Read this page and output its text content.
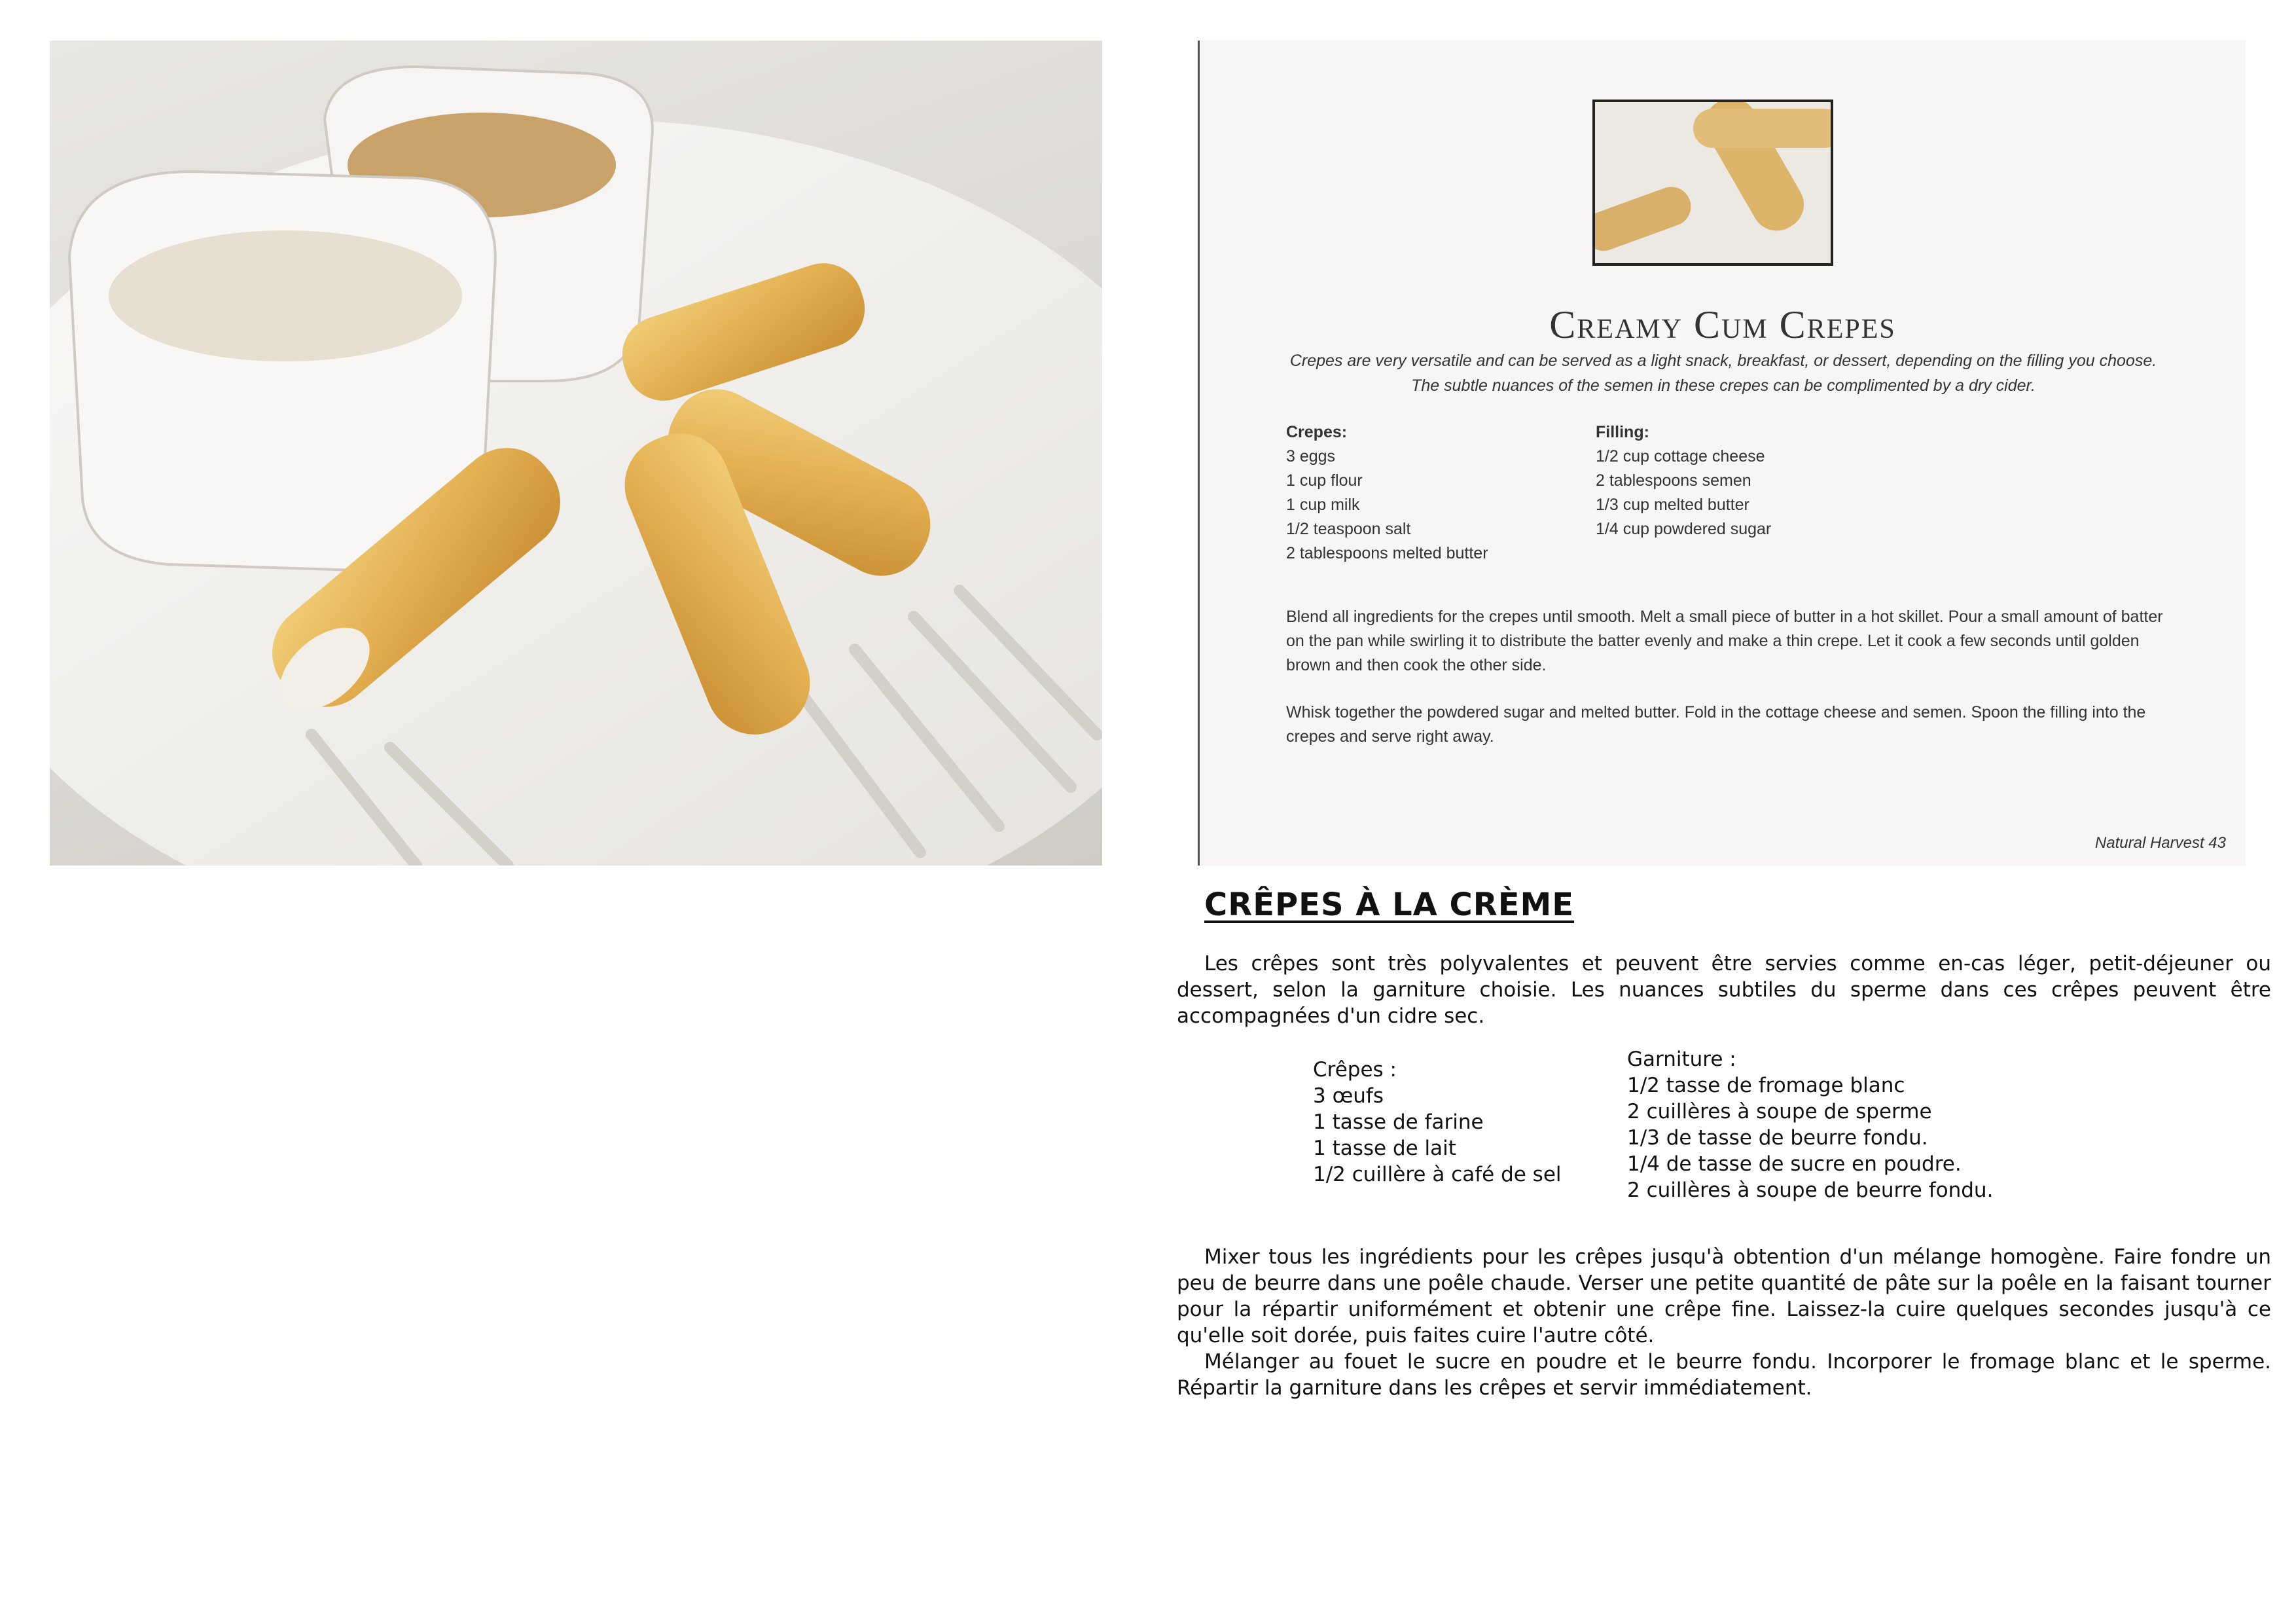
Creamy Cum Crepes
Crepes are very versatile and can be served as a light snack, breakfast, or dessert, depending on the filling you choose. The subtle nuances of the semen in these crepes can be complimented by a dry cider.
Crepes:
3 eggs
1 cup flour
1 cup milk
1/2 teaspoon salt
2 tablespoons melted butter
Filling:
1/2 cup cottage cheese
2 tablespoons semen
1/3 cup melted butter
1/4 cup powdered sugar
Blend all ingredients for the crepes until smooth. Melt a small piece of butter in a hot skillet. Pour a small amount of batter on the pan while swirling it to distribute the batter evenly and make a thin crepe. Let it cook a few seconds until golden brown and then cook the other side.
Whisk together the powdered sugar and melted butter. Fold in the cottage cheese and semen. Spoon the filling into the crepes and serve right away.
Natural Harvest 43
CRÊPES À LA CRÈME
Les crêpes sont très polyvalentes et peuvent être servies comme en-cas léger, petit-déjeuner ou dessert, selon la garniture choisie. Les nuances subtiles du sperme dans ces crêpes peuvent être accompagnées d'un cidre sec.
Crêpes :
3 œufs
1 tasse de farine
1 tasse de lait
1/2 cuillère à café de sel
Garniture :
1/2 tasse de fromage blanc
2 cuillères à soupe de sperme
1/3 de tasse de beurre fondu.
1/4 de tasse de sucre en poudre.
2 cuillères à soupe de beurre fondu.
Mixer tous les ingrédients pour les crêpes jusqu'à obtention d'un mélange homogène. Faire fondre un peu de beurre dans une poêle chaude. Verser une petite quantité de pâte sur la poêle en la faisant tourner pour la répartir uniformément et obtenir une crêpe fine. Laissez-la cuire quelques secondes jusqu'à ce qu'elle soit dorée, puis faites cuire l'autre côté.
Mélanger au fouet le sucre en poudre et le beurre fondu. Incorporer le fromage blanc et le sperme. Répartir la garniture dans les crêpes et servir immédiatement.
